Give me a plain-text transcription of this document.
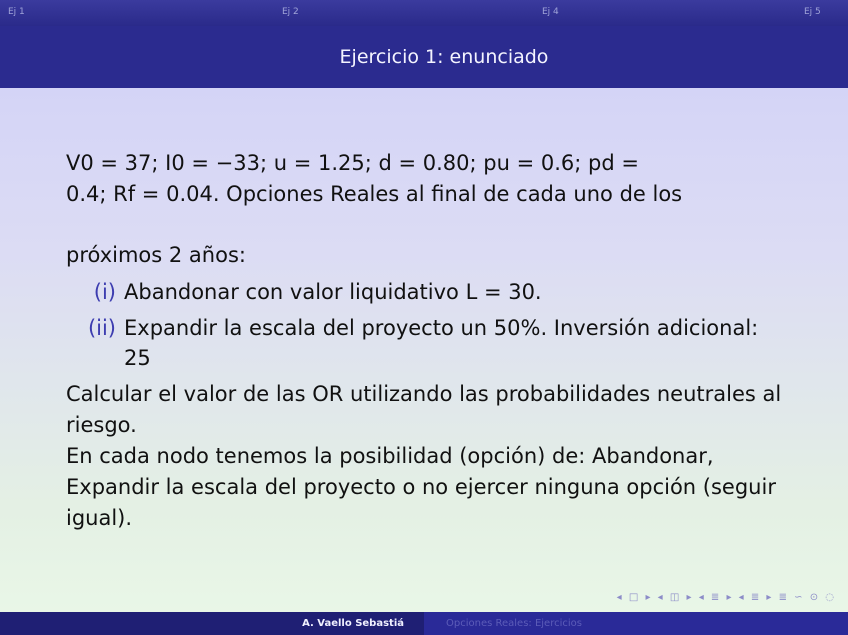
Ej 1	Ej 2	Ej 4	Ej 5
Ejercicio 1: enunciado

V0 = 37; I0 = −33; u = 1.25; d = 0.80; pu = 0.6; pd =

0.4; Rf = 0.04. Opciones Reales al final de cada uno de los

próximos 2 años:

(i) Abandonar con valor liquidativo L = 30.
(ii) Expandir la escala del proyecto un 50%. Inversión adicional: 25
Calcular el valor de las OR utilizando las probabilidades neutrales al riesgo.
En cada nodo tenemos la posibilidad (opción) de: Abandonar, Expandir la escala del proyecto o no ejercer ninguna opción (seguir igual).
◂ □ ▸ ◂ ◫ ▸ ◂ ≣ ▸ ◂ ≣ ▸ ≣ ∽ ⊙ ◌
A. Vaello Sebastiá	Opciones Reales: Ejercicios
